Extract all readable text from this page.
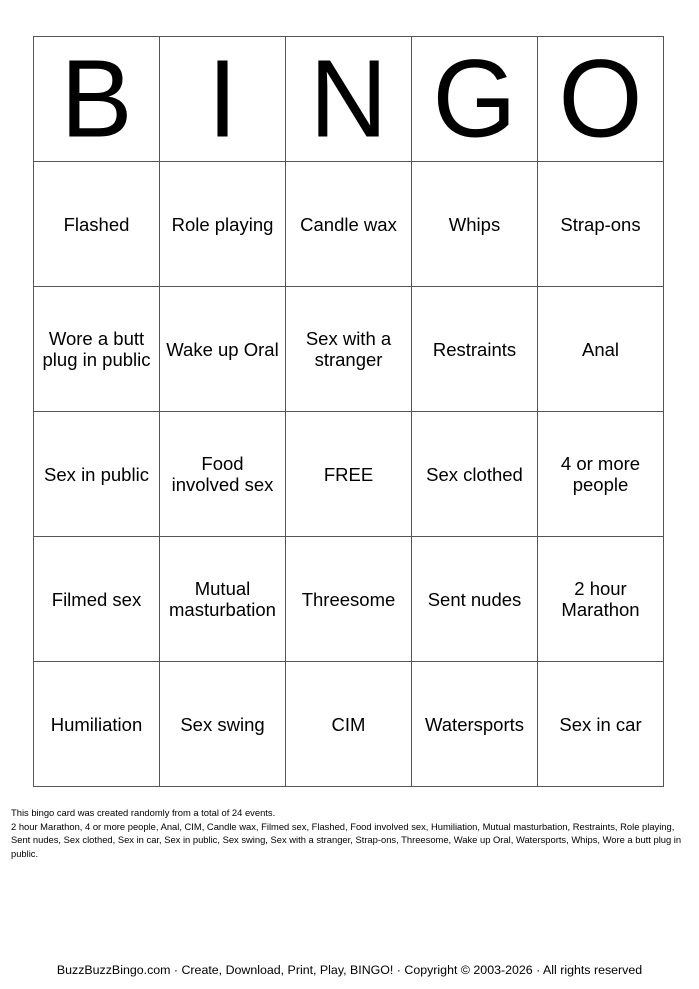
B	I	N	G	O
Flashed	Role playing	Candle wax	Whips	Strap-ons
Wore a butt plug in public	Wake up Oral	Sex with a stranger	Restraints	Anal
Sex in public	Food involved sex	FREE	Sex clothed	4 or more people
Filmed sex	Mutual masturbation	Threesome	Sent nudes	2 hour Marathon
Humiliation	Sex swing	CIM	Watersports	Sex in car

This bingo card was created randomly from a total of 24 events.

2 hour Marathon, 4 or more people, Anal, CIM, Candle wax, Filmed sex, Flashed, Food involved sex, Humiliation, Mutual masturbation, Restraints, Role playing, Sent nudes, Sex clothed, Sex in car, Sex in public, Sex swing, Sex with a stranger, Strap-ons, Threesome, Wake up Oral, Watersports, Whips, Wore a butt plug in public.

BuzzBuzzBingo.com · Create, Download, Print, Play, BINGO! · Copyright © 2003-2026 · All rights reserved
